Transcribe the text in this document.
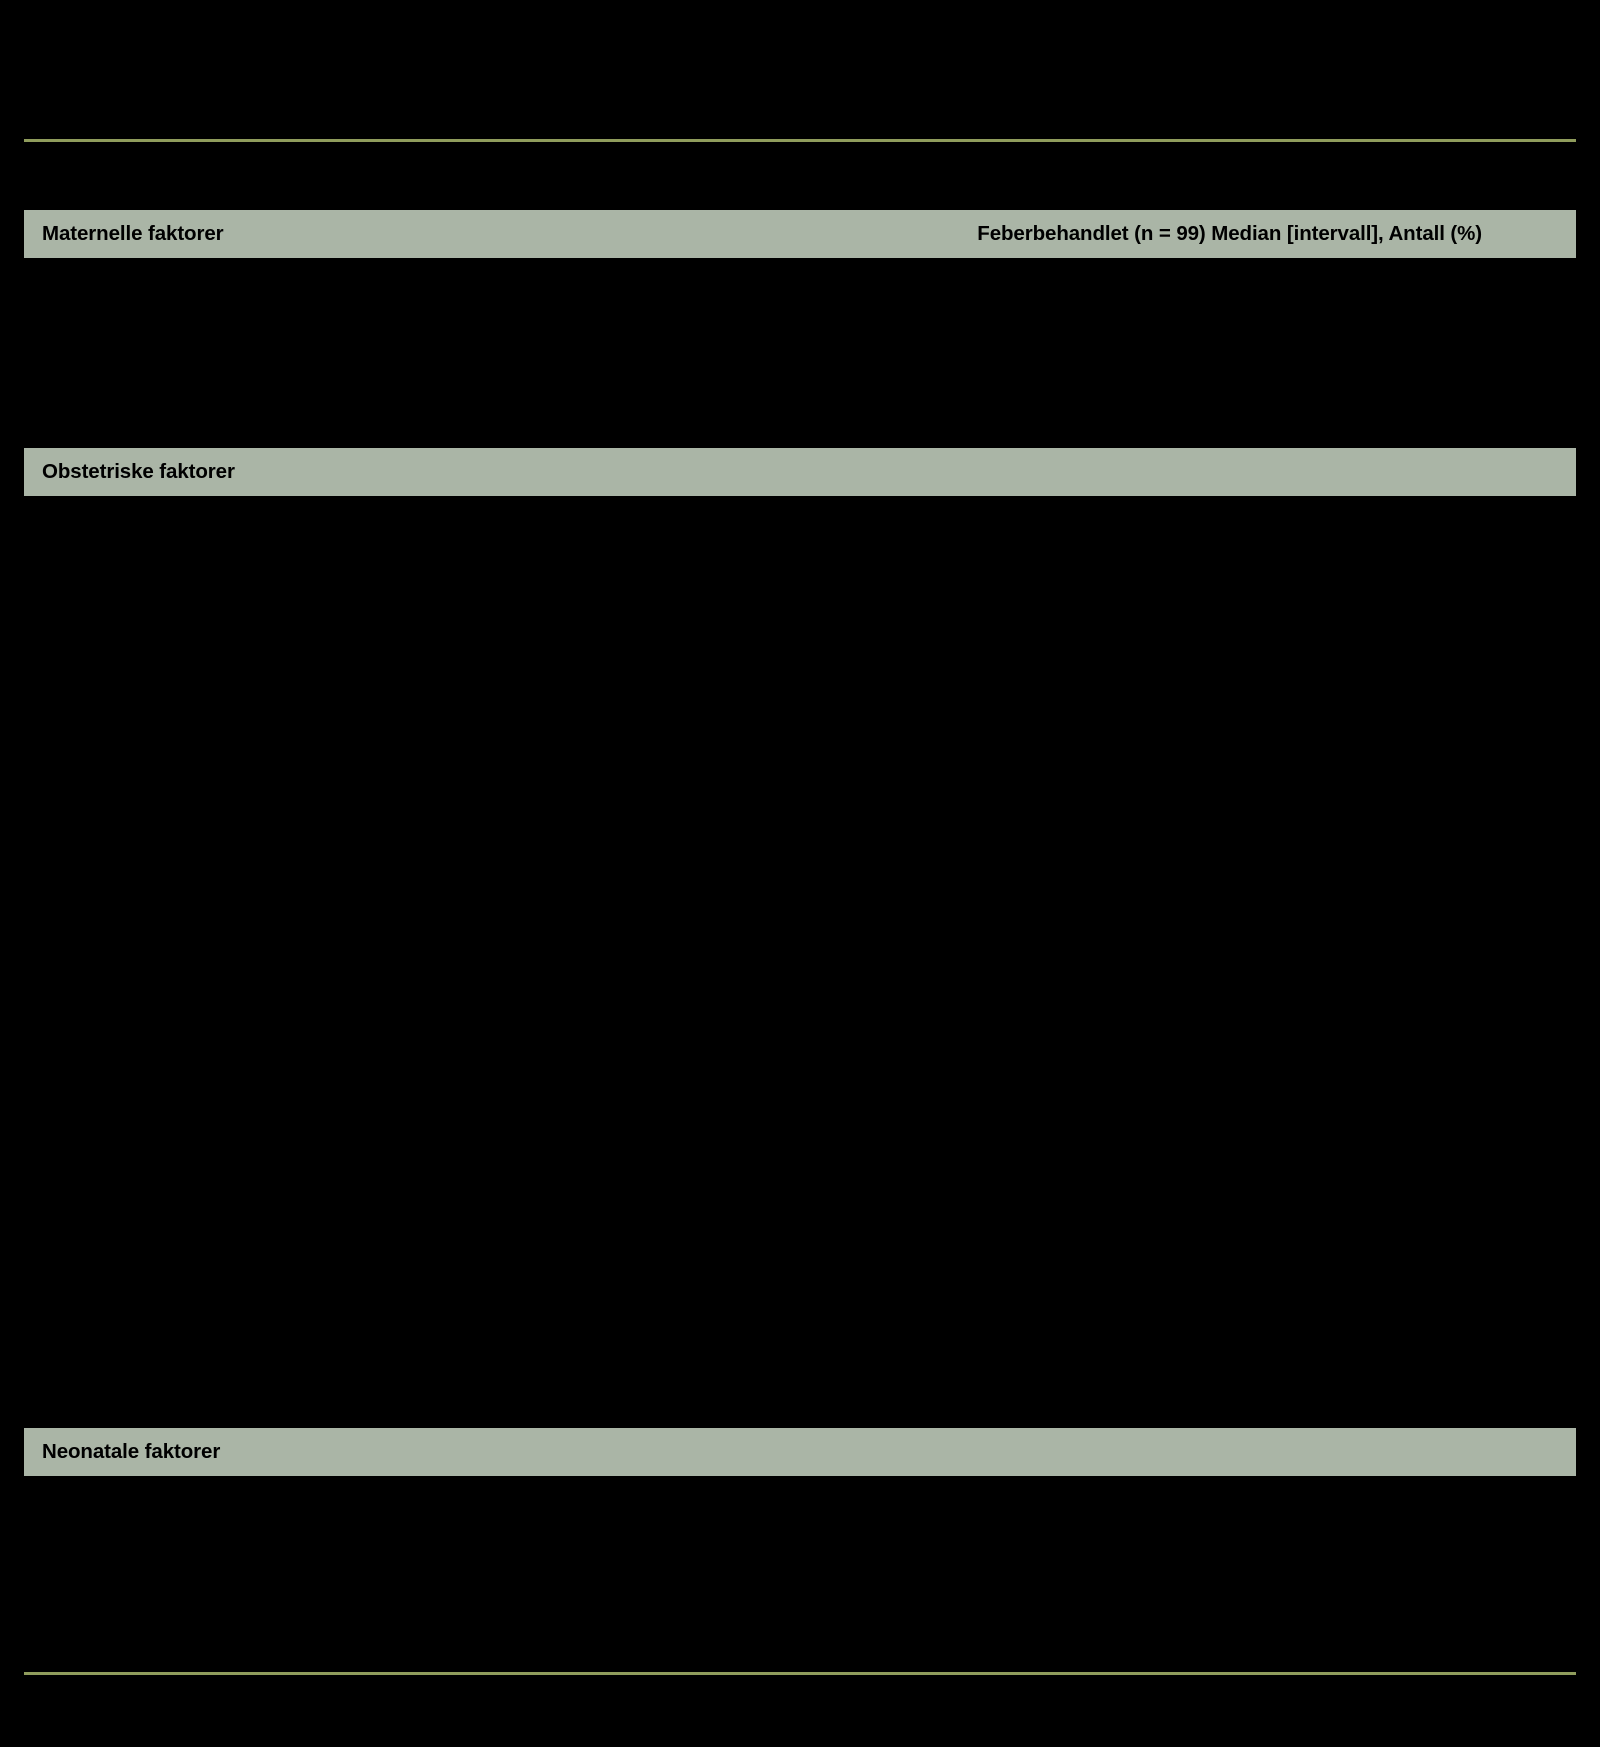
Maternelle faktorer	Feberbehandlet (n = 99) Median [intervall], Antall (%)
Obstetriske faktorer
Neonatale faktorer
